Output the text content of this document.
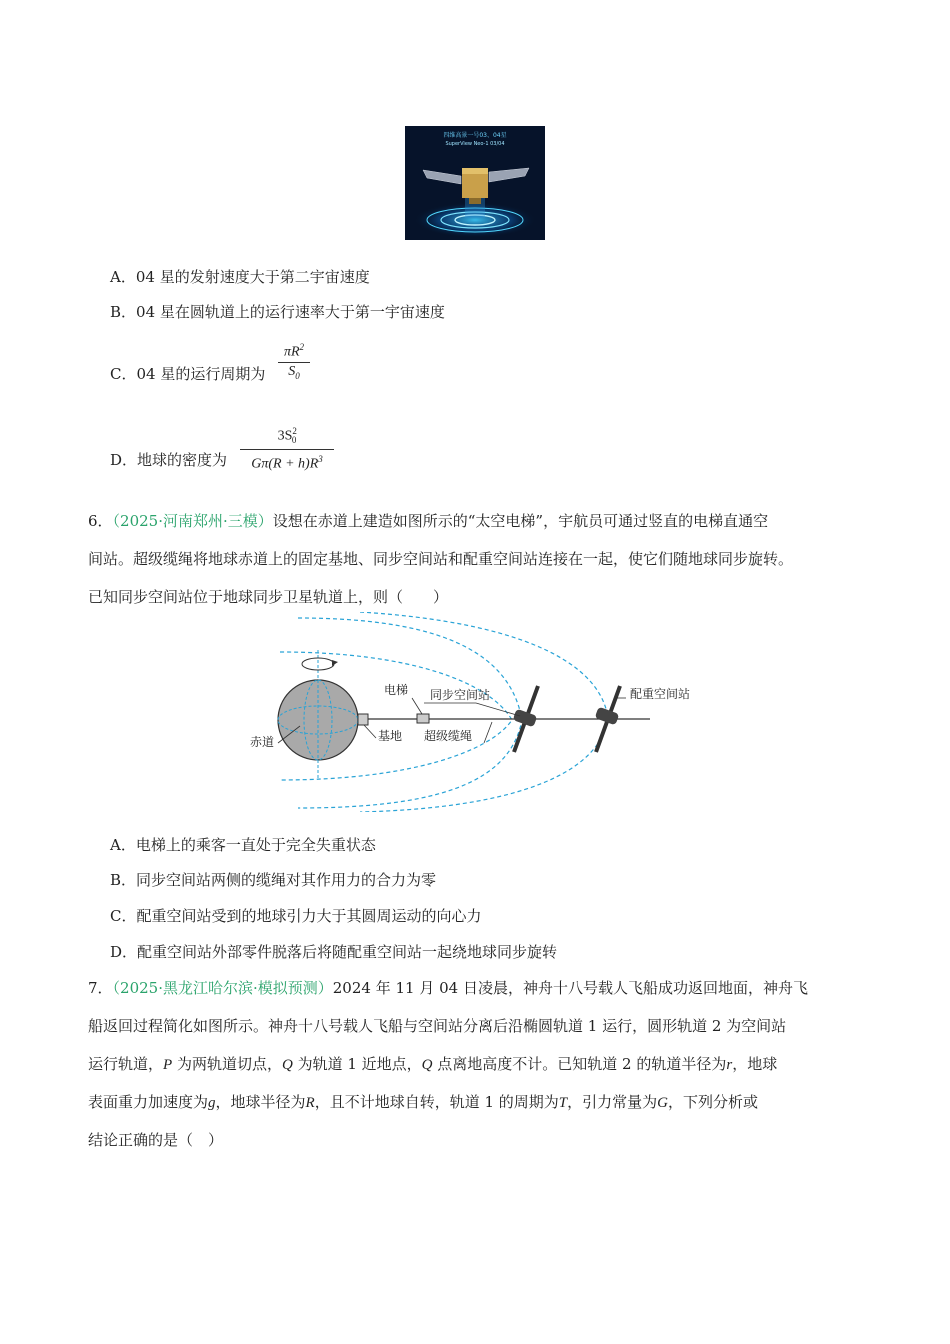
四维高景一号03、04星
SuperView Neo-1 03/04
A．04 星的发射速度大于第二宇宙速度
B．04 星在圆轨道上的运行速率大于第一宇宙速度
C．04 星的运行周期为
$\pi R^2$
$S_0$
D．地球的密度为
$3S^2_0$
$G\pi(R + h)R^3$
6．（2025·河南郑州·三模）设想在赤道上建造如图所示的“太空电梯”，宇航员可通过竖直的电梯直通空
间站。超级缆绳将地球赤道上的固定基地、同步空间站和配重空间站连接在一起，使它们随地球同步旋转。
已知同步空间站位于地球同步卫星轨道上，则（　　）
电梯 同步空间站	配重空间站
赤道	基地 超级缆绳
A．电梯上的乘客一直处于完全失重状态
B．同步空间站两侧的缆绳对其作用力的合力为零
C．配重空间站受到的地球引力大于其圆周运动的向心力
D．配重空间站外部零件脱落后将随配重空间站一起绕地球同步旋转
7．（2025·黑龙江哈尔滨·模拟预测）2024 年 11 月 04 日凌晨，神舟十八号载人飞船成功返回地面，神舟飞
船返回过程简化如图所示。神舟十八号载人飞船与空间站分离后沿椭圆轨道 1 运行，圆形轨道 2 为空间站
运行轨道，P 为两轨道切点，Q 为轨道 1 近地点，Q 点离地高度不计。已知轨道 2 的轨道半径为r，地球
表面重力加速度为g，地球半径为R，且不计地球自转，轨道 1 的周期为T，引力常量为G，下列分析或
结论正确的是（　）
